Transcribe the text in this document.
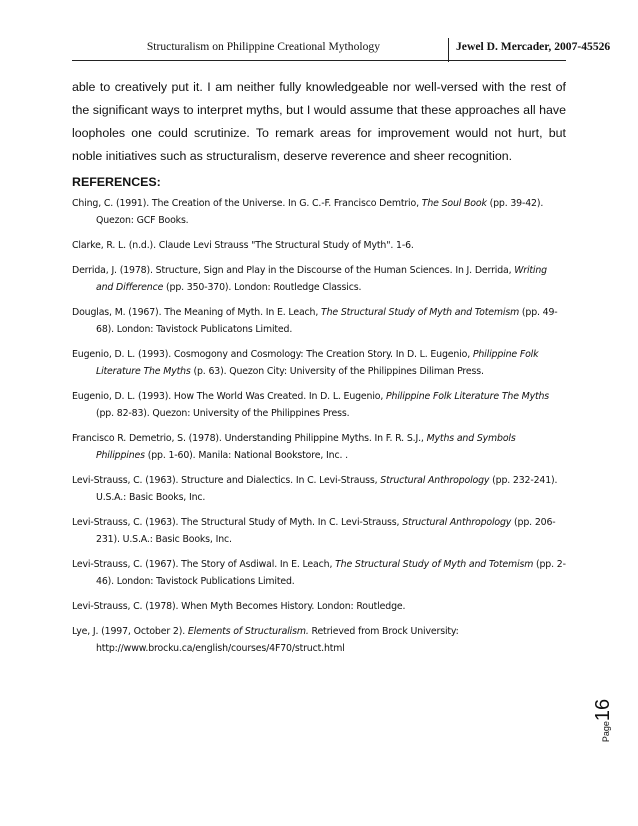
Structuralism on Philippine Creational Mythology	Jewel D. Mercader, 2007-45526
able to creatively put it. I am neither fully knowledgeable nor well-versed with the rest of the significant ways to interpret myths, but I would assume that these approaches all have loopholes one could scrutinize. To remark areas for improvement would not hurt, but noble initiatives such as structuralism, deserve reverence and sheer recognition.
REFERENCES:
Ching, C. (1991). The Creation of the Universe. In G. C.-F. Francisco Demtrio, The Soul Book (pp. 39-42). Quezon: GCF Books.
Clarke, R. L. (n.d.). Claude Levi Strauss "The Structural Study of Myth". 1-6.
Derrida, J. (1978). Structure, Sign and Play in the Discourse of the Human Sciences. In J. Derrida, Writing and Difference (pp. 350-370). London: Routledge Classics.
Douglas, M. (1967). The Meaning of Myth. In E. Leach, The Structural Study of Myth and Totemism (pp. 49-68). London: Tavistock Publicatons Limited.
Eugenio, D. L. (1993). Cosmogony and Cosmology: The Creation Story. In D. L. Eugenio, Philippine Folk Literature The Myths (p. 63). Quezon City: University of the Philippines Diliman Press.
Eugenio, D. L. (1993). How The World Was Created. In D. L. Eugenio, Philippine Folk Literature The Myths (pp. 82-83). Quezon: University of the Philippines Press.
Francisco R. Demetrio, S. (1978). Understanding Philippine Myths. In F. R. S.J., Myths and Symbols Philippines (pp. 1-60). Manila: National Bookstore, Inc. .
Levi-Strauss, C. (1963). Structure and Dialectics. In C. Levi-Strauss, Structural Anthropology (pp. 232-241). U.S.A.: Basic Books, Inc.
Levi-Strauss, C. (1963). The Structural Study of Myth. In C. Levi-Strauss, Structural Anthropology (pp. 206-231). U.S.A.: Basic Books, Inc.
Levi-Strauss, C. (1967). The Story of Asdiwal. In E. Leach, The Structural Study of Myth and Totemism (pp. 2-46). London: Tavistock Publications Limited.
Levi-Strauss, C. (1978). When Myth Becomes History. London: Routledge.
Lye, J. (1997, October 2). Elements of Structuralism. Retrieved from Brock University: http://www.brocku.ca/english/courses/4F70/struct.html
Page16
